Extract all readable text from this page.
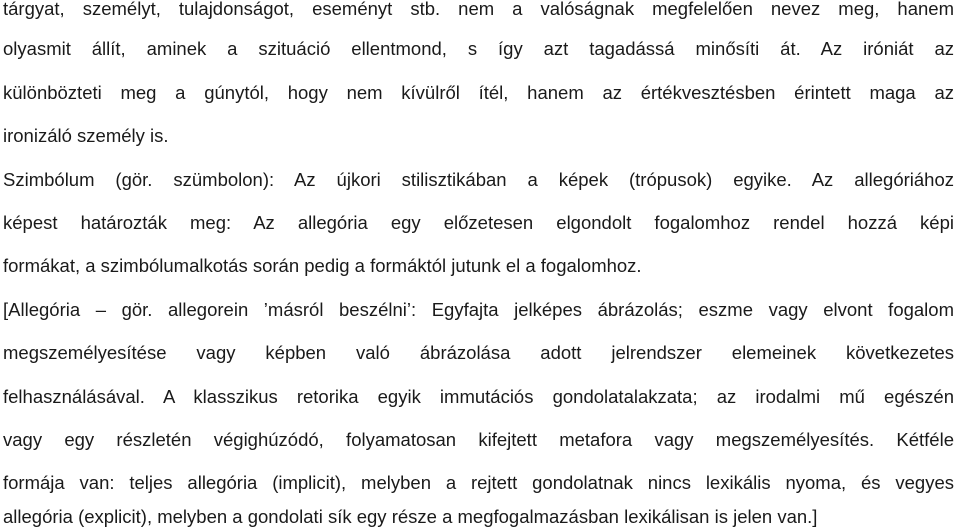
tárgyat, személyt, tulajdonságot, eseményt stb. nem a valóságnak megfelelően nevez meg, hanem
olyasmit állít, aminek a szituáció ellentmond, s így azt tagadássá minősíti át. Az iróniát az
különbözteti meg a gúnytól, hogy nem kívülről ítél, hanem az értékvesztésben érintett maga az
ironizáló személy is.
Szimbólum (gör. szümbolon): Az újkori stilisztikában a képek (trópusok) egyike. Az allegóriához
képest határozták meg: Az allegória egy előzetesen elgondolt fogalomhoz rendel hozzá képi
formákat, a szimbólumalkotás során pedig a formáktól jutunk el a fogalomhoz.
[Allegória – gör. allegorein ’másról beszélni’: Egyfajta jelképes ábrázolás; eszme vagy elvont fogalom
megszemélyesítése vagy képben való ábrázolása adott jelrendszer elemeinek következetes
felhasználásával. A klasszikus retorika egyik immutációs gondolatalakzata; az irodalmi mű egészén
vagy egy részletén végighúzódó, folyamatosan kifejtett metafora vagy megszemélyesítés. Kétféle
formája van: teljes allegória (implicit), melyben a rejtett gondolatnak nincs lexikális nyoma, és vegyes
allegória (explicit), melyben a gondolati sík egy része a megfogalmazásban lexikálisan is jelen van.]
